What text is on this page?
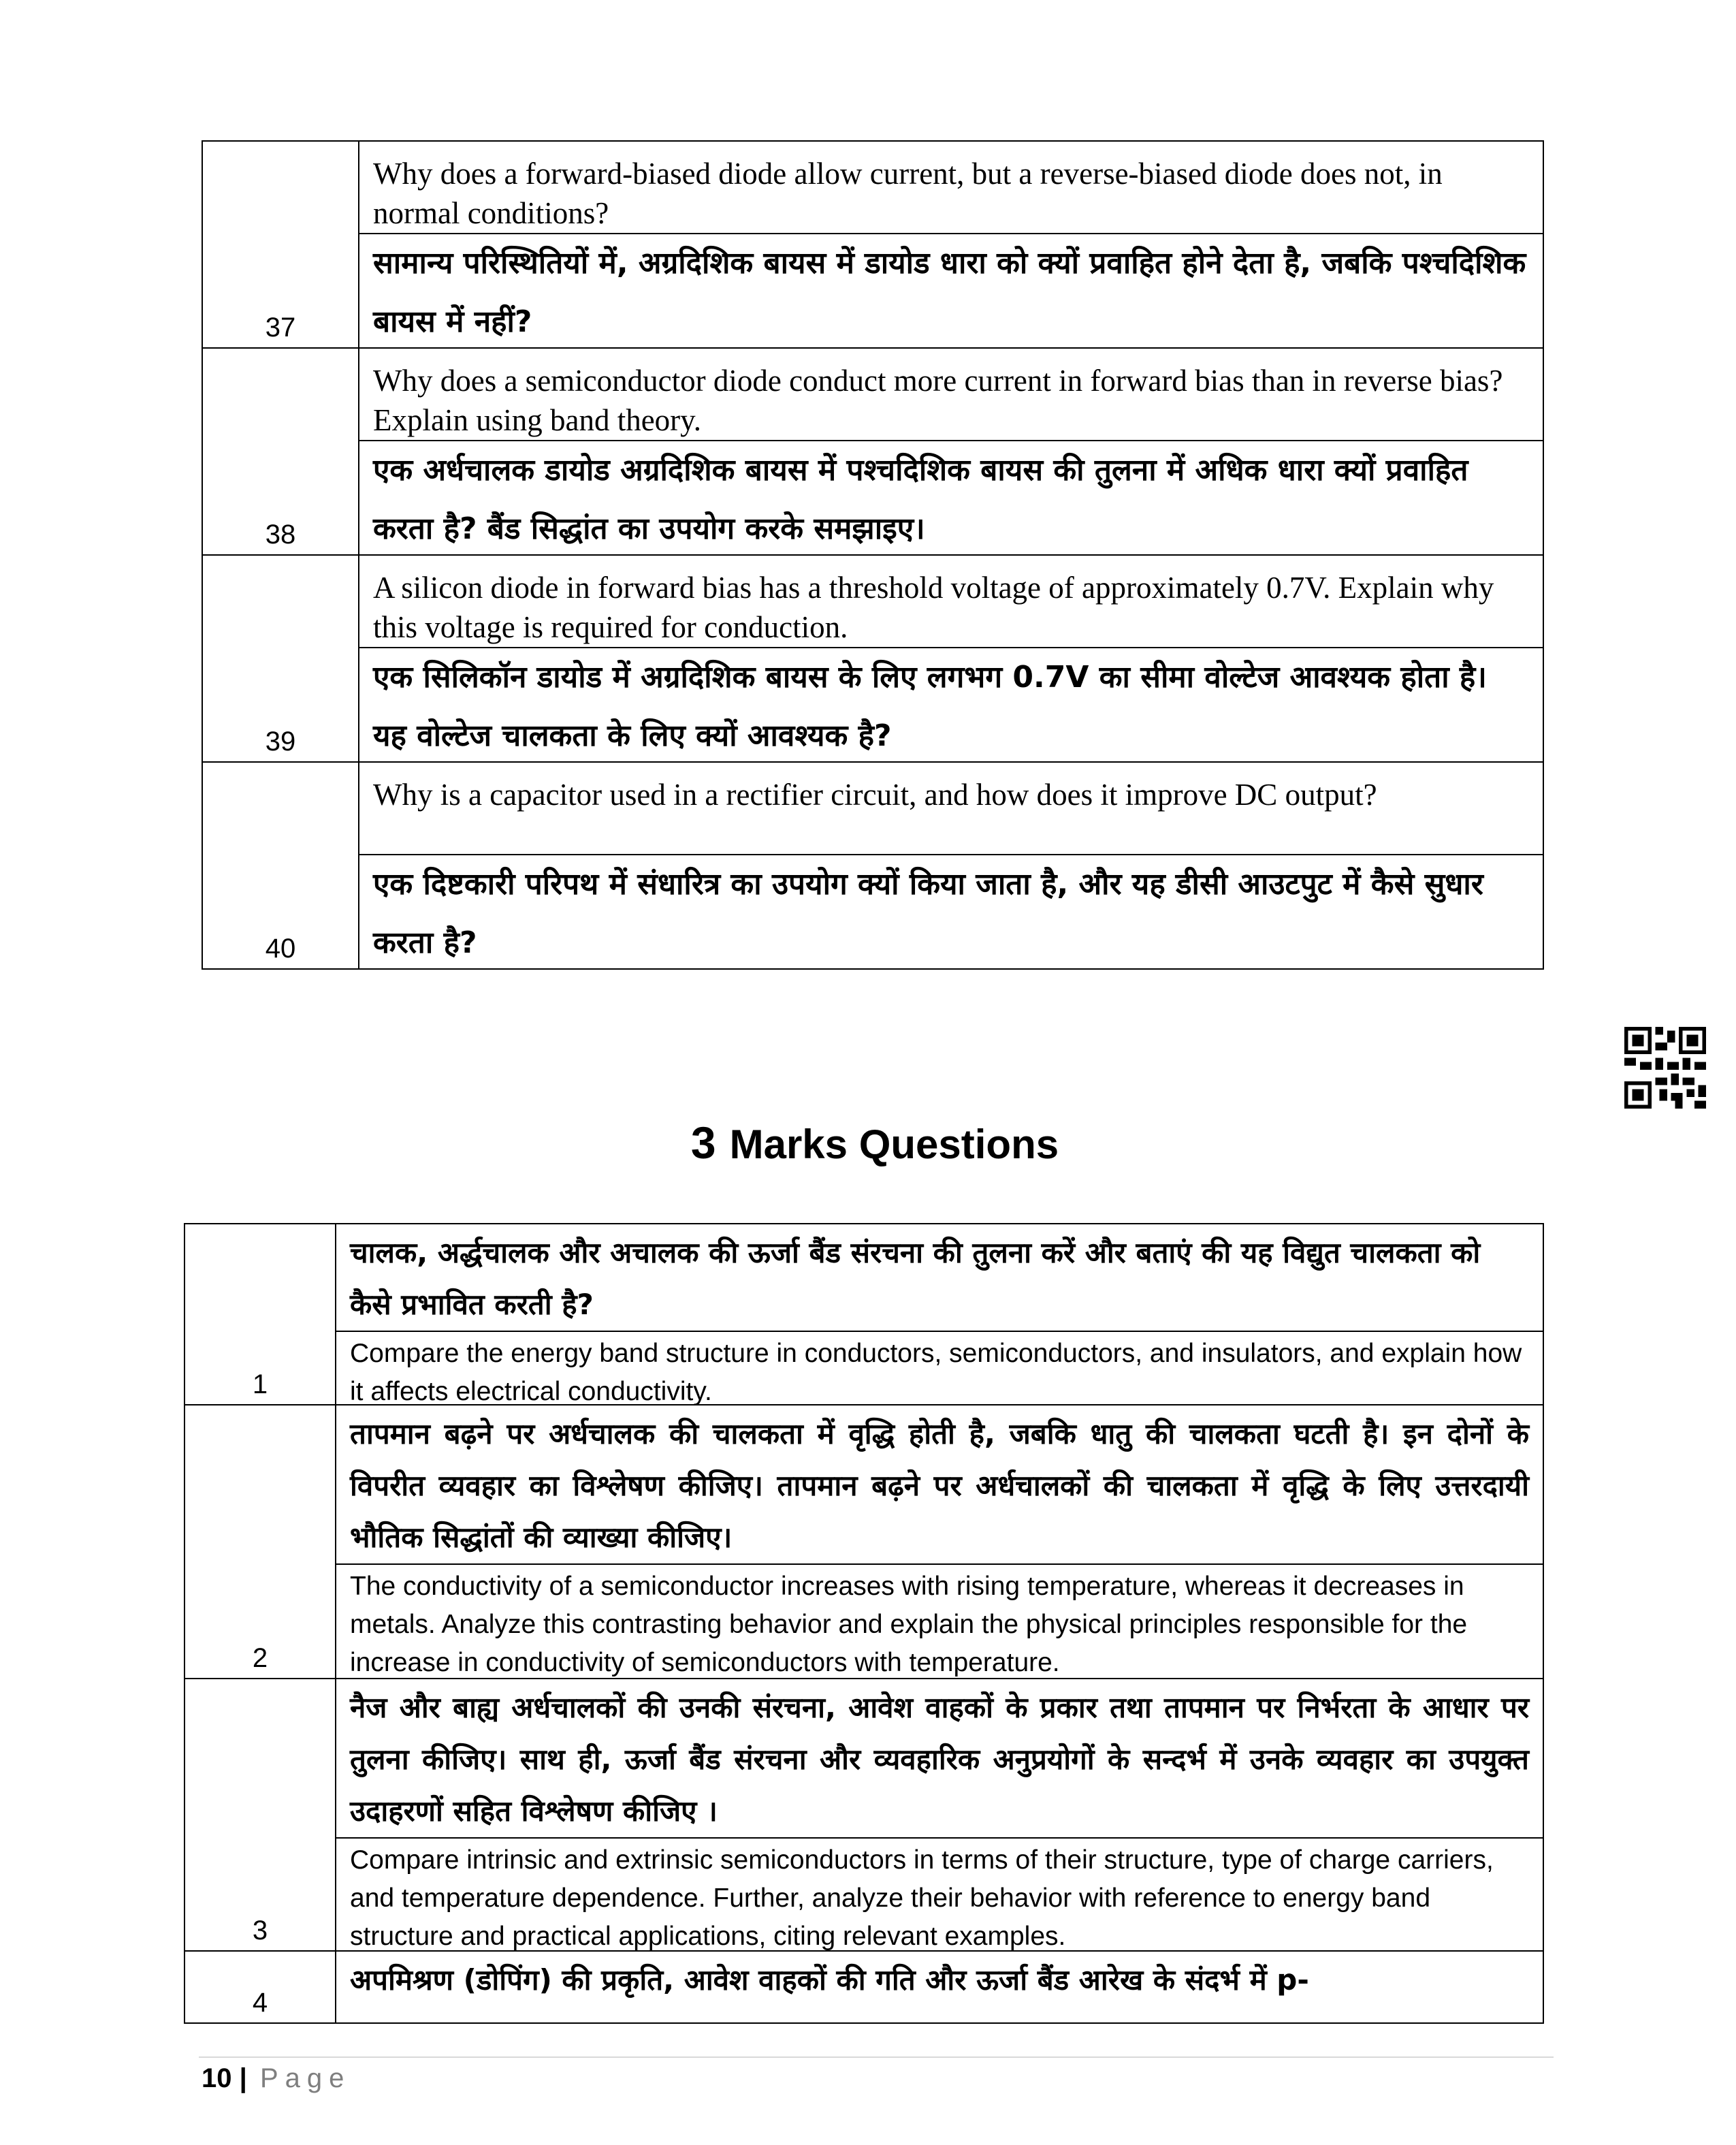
37
Why does a forward-biased diode allow current, but a reverse-biased diode does not, in normal conditions?
सामान्य परिस्थितियों में, अग्रदिशिक बायस में डायोड धारा को क्यों प्रवाहित होने देता है, जबकि पश्चदिशिक बायस में नहीं?
38
Why does a semiconductor diode conduct more current in forward bias than in reverse bias? Explain using band theory.
एक अर्धचालक डायोड अग्रदिशिक बायस में पश्चदिशिक बायस की तुलना में अधिक धारा क्यों प्रवाहित करता है? बैंड सिद्धांत का उपयोग करके समझाइए।
39
A silicon diode in forward bias has a threshold voltage of approximately 0.7V. Explain why this voltage is required for conduction.
एक सिलिकॉन डायोड में अग्रदिशिक बायस के लिए लगभग 0.7V का सीमा वोल्टेज आवश्यक होता है। यह वोल्टेज चालकता के लिए क्यों आवश्यक है?
40
Why is a capacitor used in a rectifier circuit, and how does it improve DC output?
एक दिष्टकारी परिपथ में संधारित्र का उपयोग क्यों किया जाता है, और यह डीसी आउटपुट में कैसे सुधार करता है?
3 Marks Questions
1
चालक, अर्द्धचालक और अचालक की ऊर्जा बैंड संरचना की तुलना करें और बताएं की यह विद्युत चालकता को कैसे प्रभावित करती है?
Compare the energy band structure in conductors, semiconductors, and insulators, and explain how it affects electrical conductivity.
2
तापमान बढ़ने पर अर्धचालक की चालकता में वृद्धि होती है, जबकि धातु की चालकता घटती है। इन दोनों के विपरीत व्यवहार का विश्लेषण कीजिए। तापमान बढ़ने पर अर्धचालकों की चालकता में वृद्धि के लिए उत्तरदायी भौतिक सिद्धांतों की व्याख्या कीजिए।
The conductivity of a semiconductor increases with rising temperature, whereas it decreases in metals. Analyze this contrasting behavior and explain the physical principles responsible for the increase in conductivity of semiconductors with temperature.
3
नैज और बाह्य अर्धचालकों की उनकी संरचना, आवेश वाहकों के प्रकार तथा तापमान पर निर्भरता के आधार पर तुलना कीजिए। साथ ही, ऊर्जा बैंड संरचना और व्यवहारिक अनुप्रयोगों के सन्दर्भ में उनके व्यवहार का उपयुक्त उदाहरणों सहित विश्लेषण कीजिए ।
Compare intrinsic and extrinsic semiconductors in terms of their structure, type of charge carriers, and temperature dependence. Further, analyze their behavior with reference to energy band structure and practical applications, citing relevant examples.
4
अपमिश्रण (डोपिंग) की प्रकृति, आवेश वाहकों की गति और ऊर्जा बैंड आरेख के संदर्भ में p-
10 | Page
